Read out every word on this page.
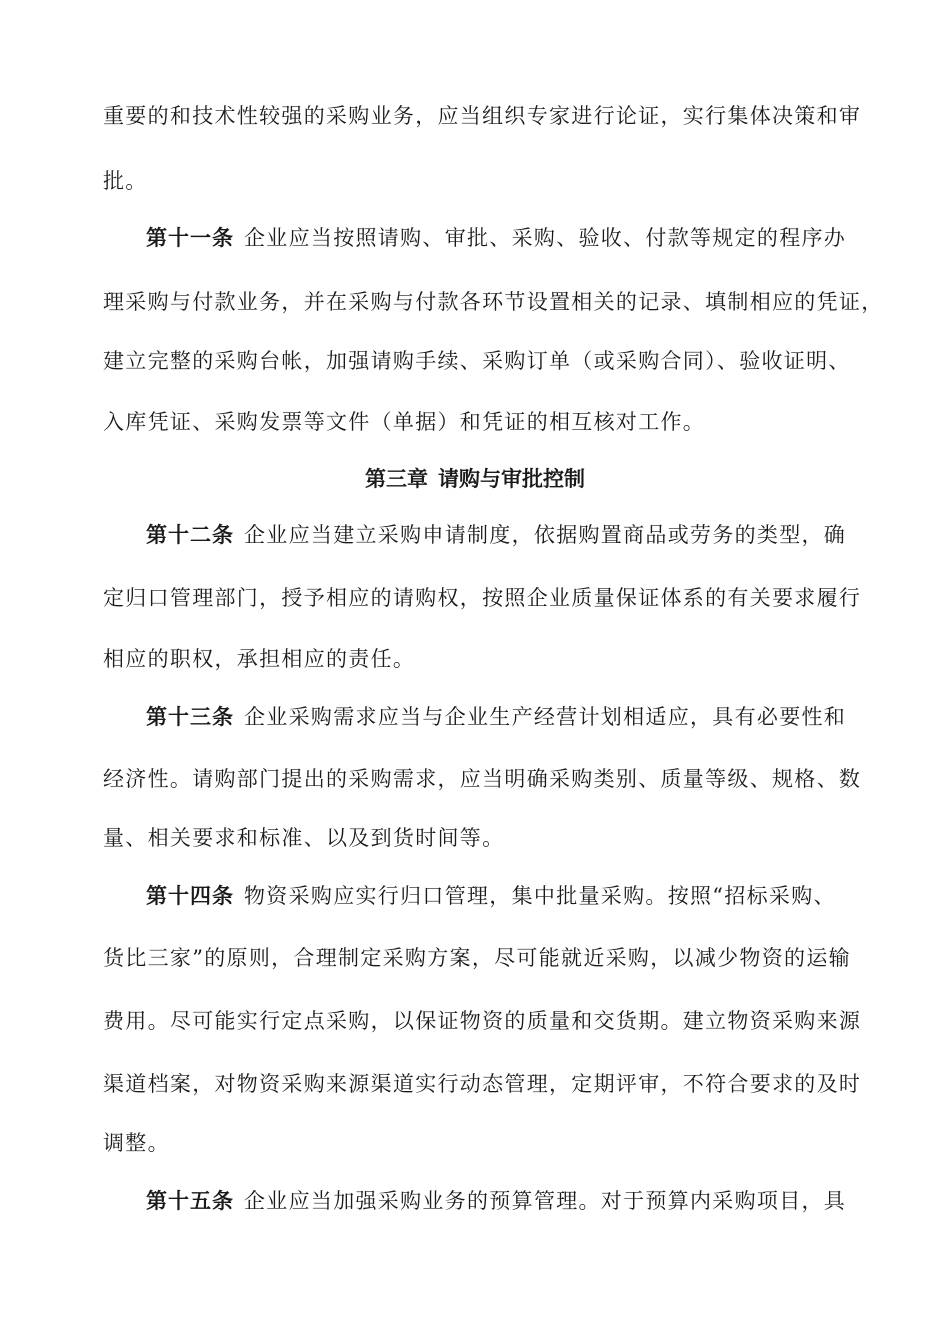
重要的和技术性较强的采购业务，应当组织专家进行论证，实行集体决策和审
批。
第十一条 企业应当按照请购、审批、采购、验收、付款等规定的程序办
理采购与付款业务，并在采购与付款各环节设置相关的记录、填制相应的凭证，
建立完整的采购台帐，加强请购手续、采购订单（或采购合同）、验收证明、
入库凭证、采购发票等文件（单据）和凭证的相互核对工作。
第三章 请购与审批控制
第十二条 企业应当建立采购申请制度，依据购置商品或劳务的类型，确
定归口管理部门，授予相应的请购权，按照企业质量保证体系的有关要求履行
相应的职权，承担相应的责任。
第十三条 企业采购需求应当与企业生产经营计划相适应，具有必要性和
经济性。请购部门提出的采购需求，应当明确采购类别、质量等级、规格、数
量、相关要求和标准、以及到货时间等。
第十四条 物资采购应实行归口管理，集中批量采购。按照“招标采购、
货比三家”的原则，合理制定采购方案，尽可能就近采购，以减少物资的运输
费用。尽可能实行定点采购，以保证物资的质量和交货期。建立物资采购来源
渠道档案，对物资采购来源渠道实行动态管理，定期评审，不符合要求的及时
调整。
第十五条 企业应当加强采购业务的预算管理。对于预算内采购项目，具
